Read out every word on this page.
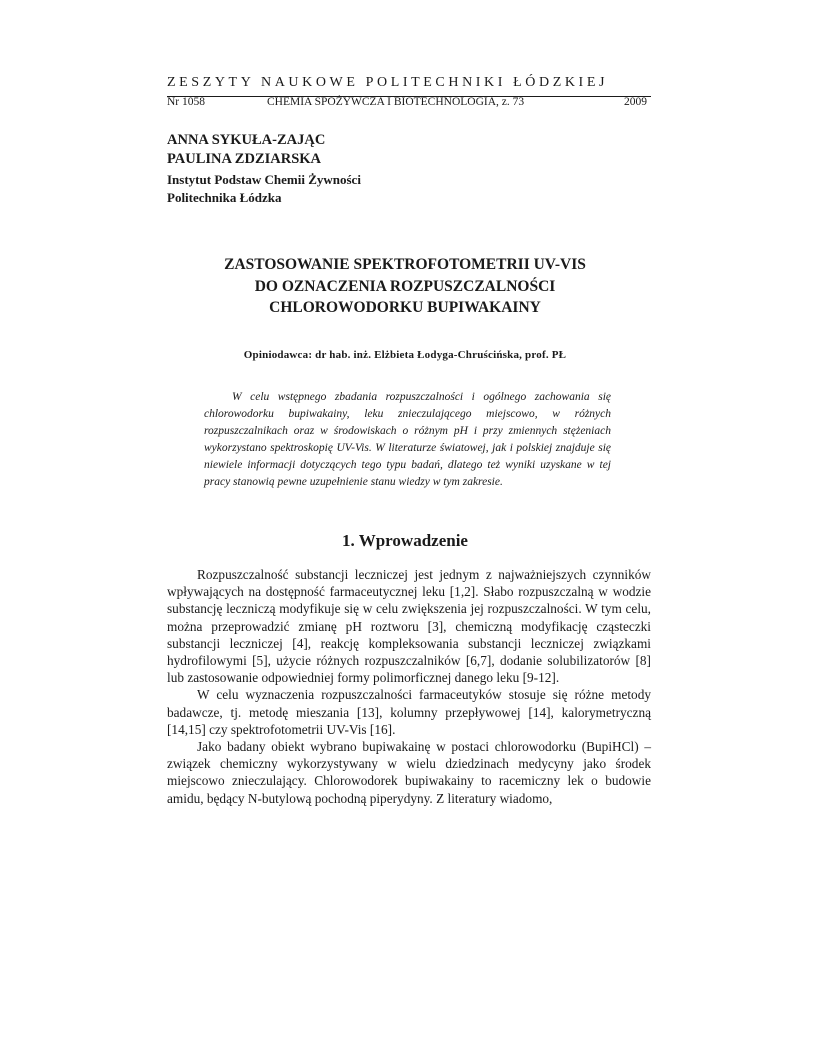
ZESZYTY NAUKOWE POLITECHNIKI ŁÓDZKIEJ
Nr 1058	CHEMIA SPOŻYWCZA I BIOTECHNOLOGIA, z. 73	2009
ANNA SYKUŁA-ZAJĄC
PAULINA ZDZIARSKA
Instytut Podstaw Chemii Żywności
Politechnika Łódzka
ZASTOSOWANIE SPEKTROFOTOMETRII UV-VIS
DO OZNACZENIA ROZPUSZCZALNOŚCI
CHLOROWODORKU BUPIWAKAINY
Opiniodawca: dr hab. inż. Elżbieta Łodyga-Chruścińska, prof. PŁ
W celu wstępnego zbadania rozpuszczalności i ogólnego zachowania się chlorowodorku bupiwakainy, leku znieczulającego miejscowo, w różnych rozpuszczalnikach oraz w środowiskach o różnym pH i przy zmiennych stężeniach wykorzystano spektroskopię UV-Vis. W literaturze światowej, jak i polskiej znajduje się niewiele informacji dotyczących tego typu badań, dlatego też wyniki uzyskane w tej pracy stanowią pewne uzupełnienie stanu wiedzy w tym zakresie.
1. Wprowadzenie

Rozpuszczalność substancji leczniczej jest jednym z najważniejszych czynników wpływających na dostępność farmaceutycznej leku [1,2]. Słabo rozpuszczalną w wodzie substancję leczniczą modyfikuje się w celu zwiększenia jej rozpuszczalności. W tym celu, można przeprowadzić zmianę pH roztworu [3], chemiczną modyfikację cząsteczki substancji leczniczej [4], reakcję kompleksowania substancji leczniczej związkami hydrofilowymi [5], użycie różnych rozpuszczalników [6,7], dodanie solubilizatorów [8] lub zastosowanie odpowiedniej formy polimorficznej danego leku [9-12].

W celu wyznaczenia rozpuszczalności farmaceutyków stosuje się różne metody badawcze, tj. metodę mieszania [13], kolumny przepływowej [14], kalorymetryczną [14,15] czy spektrofotometrii UV-Vis [16].

Jako badany obiekt wybrano bupiwakainę w postaci chlorowodorku (BupiHCl) – związek chemiczny wykorzystywany w wielu dziedzinach medycyny jako środek miejscowo znieczulający. Chlorowodorek bupiwakainy to racemiczny lek o budowie amidu, będący N-butylową pochodną piperydyny. Z literatury wiadomo,
